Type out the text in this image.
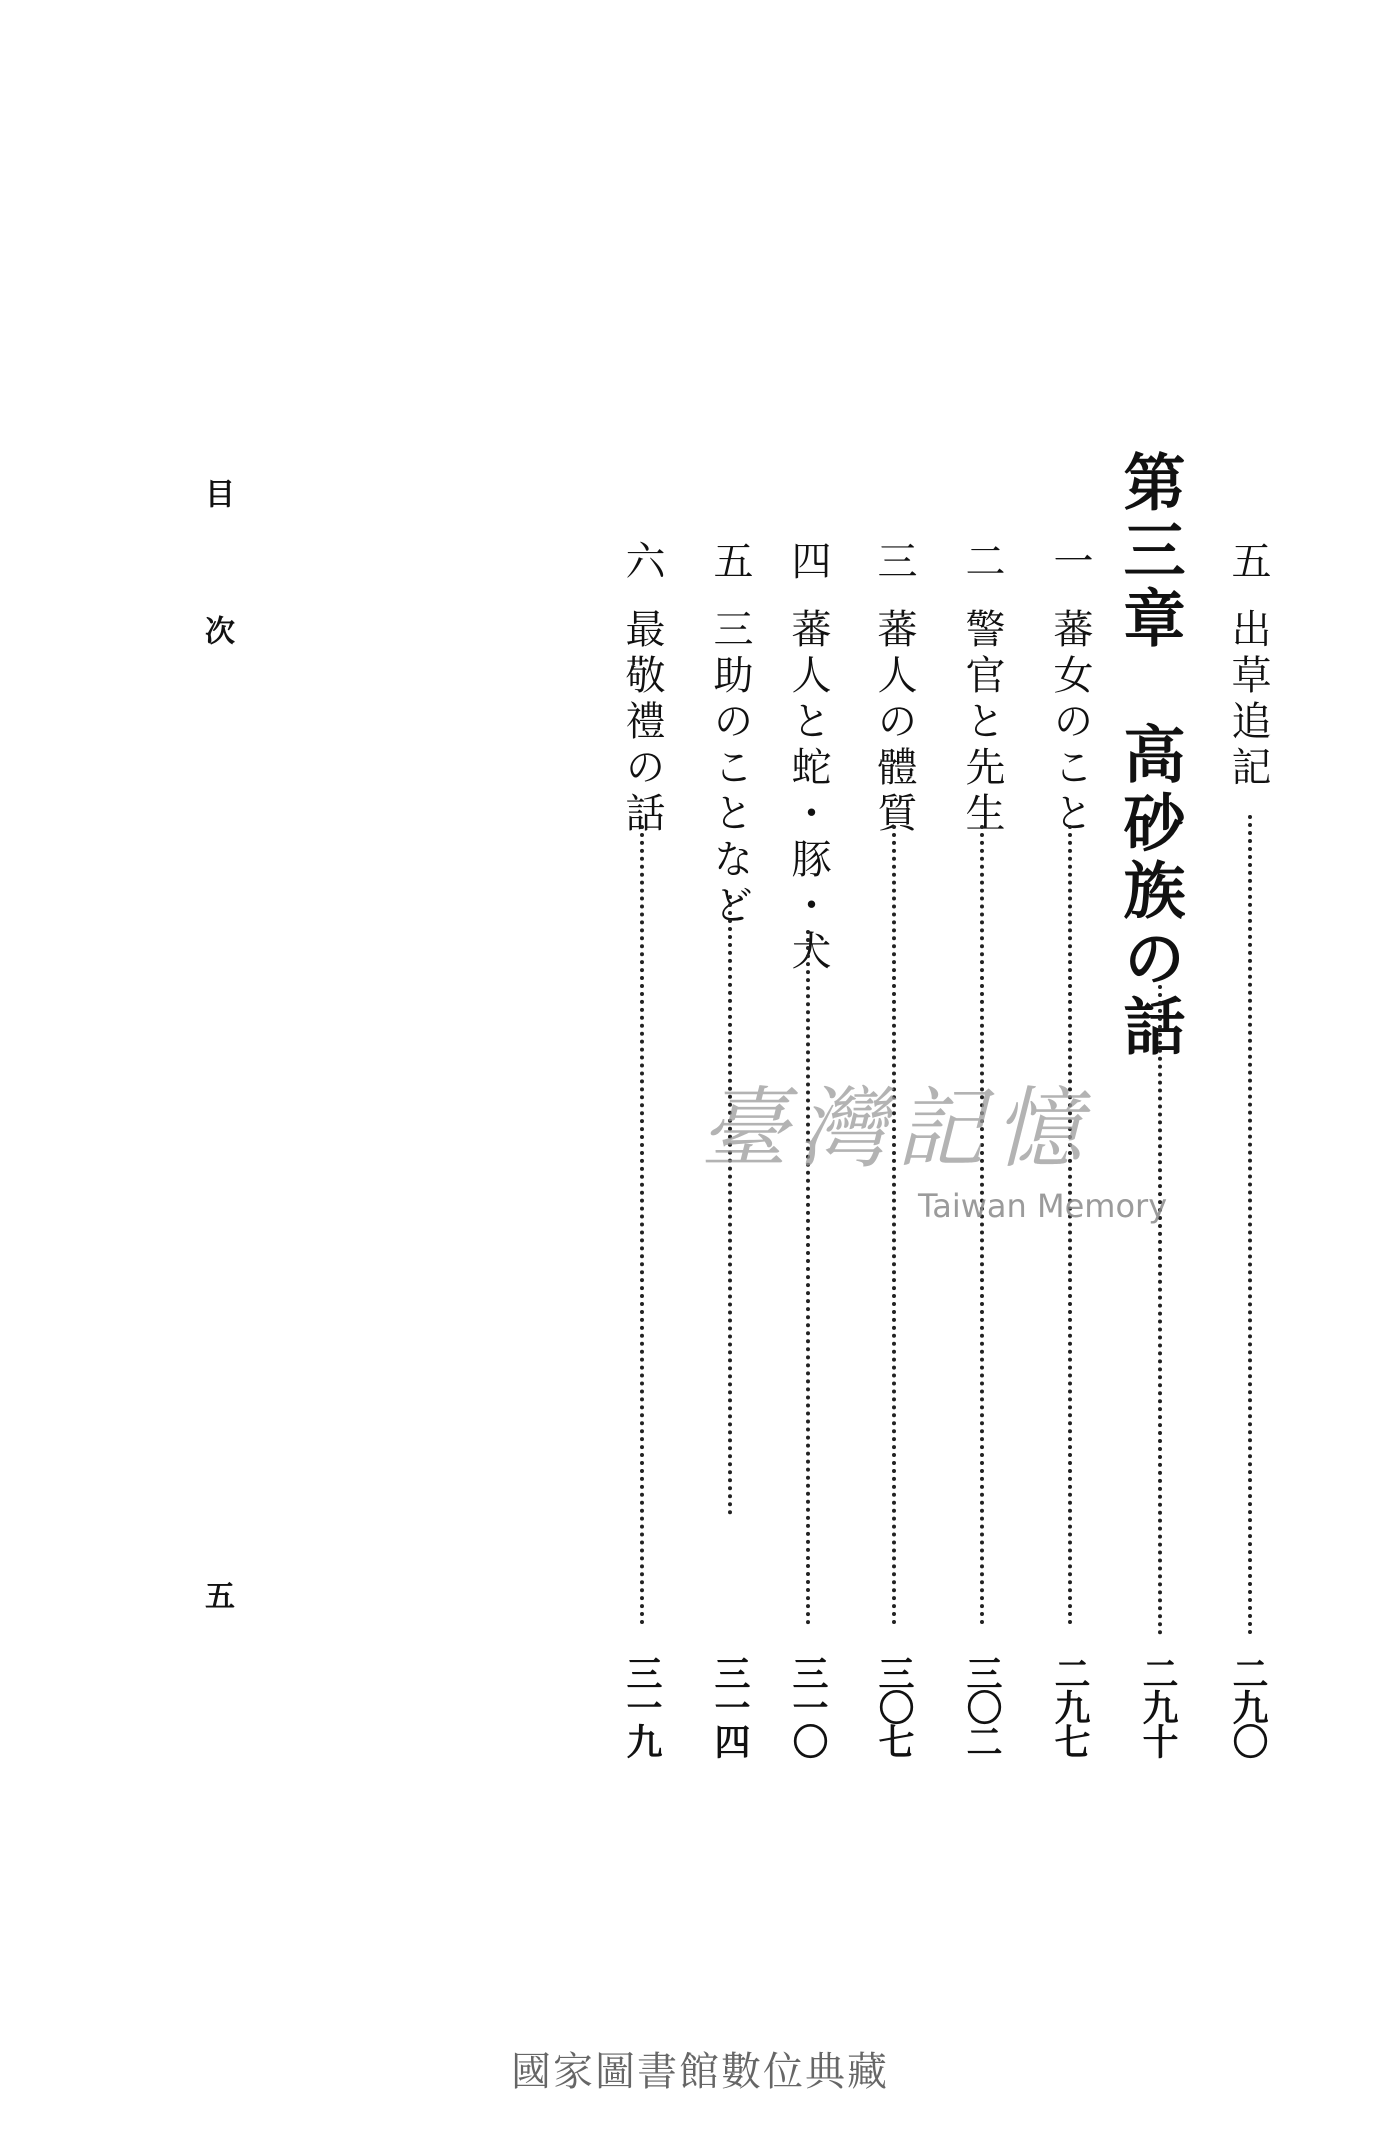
目
次
五
五
出草追記
二九〇
第三章　高砂族の話
二九十
一
蕃女のこと
二九七
二
警官と先生
三〇二
三
蕃人の體質
三〇七
四
蕃人と蛇・豚・犬
三一〇
五
三助のことなど
三一四
六
最敬禮の話
三一九
臺灣記憶
Taiwan Memory
國家圖書館數位典藏
